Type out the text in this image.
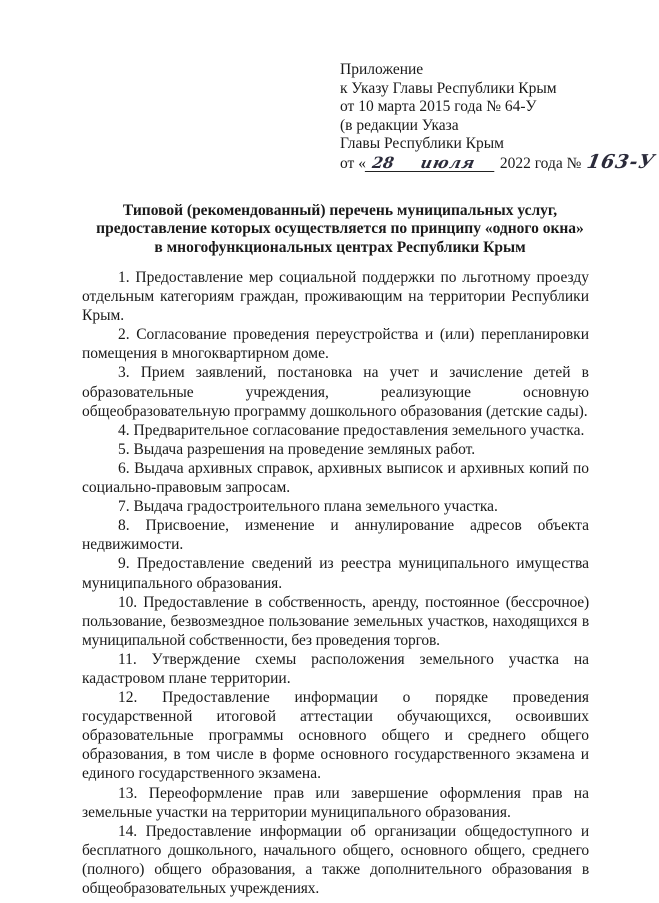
Приложение
к Указу Главы Республики Крым
от 10 марта 2015 года № 64-У
(в редакции Указа
Главы Республики Крым
от « 28 июля 2022 года № 163-У
Типовой (рекомендованный) перечень муниципальных услуг,
предоставление которых осуществляется по принципу «одного окна»
в многофункциональных центрах Республики Крым

1. Предоставление мер социальной поддержки по льготному проезду отдельным категориям граждан, проживающим на территории Республики Крым.

2. Согласование проведения переустройства и (или) перепланировки помещения в многоквартирном доме.

3. Прием заявлений, постановка на учет и зачисление детей в образовательные учреждения, реализующие основную общеобразовательную программу дошкольного образования (детские сады).

4. Предварительное согласование предоставления земельного участка.

5. Выдача разрешения на проведение земляных работ.

6. Выдача архивных справок, архивных выписок и архивных копий по социально-правовым запросам.

7. Выдача градостроительного плана земельного участка.

8. Присвоение, изменение и аннулирование адресов объекта недвижимости.

9. Предоставление сведений из реестра муниципального имущества муниципального образования.

10. Предоставление в собственность, аренду, постоянное (бессрочное) пользование, безвозмездное пользование земельных участков, находящихся в муниципальной собственности, без проведения торгов.

11. Утверждение схемы расположения земельного участка на кадастровом плане территории.

12. Предоставление информации о порядке проведения государственной итоговой аттестации обучающихся, освоивших образовательные программы основного общего и среднего общего образования, в том числе в форме основного государственного экзамена и единого государственного экзамена.

13. Переоформление прав или завершение оформления прав на земельные участки на территории муниципального образования.

14. Предоставление информации об организации общедоступного и бесплатного дошкольного, начального общего, основного общего, среднего (полного) общего образования, а также дополнительного образования в общеобразовательных учреждениях.
